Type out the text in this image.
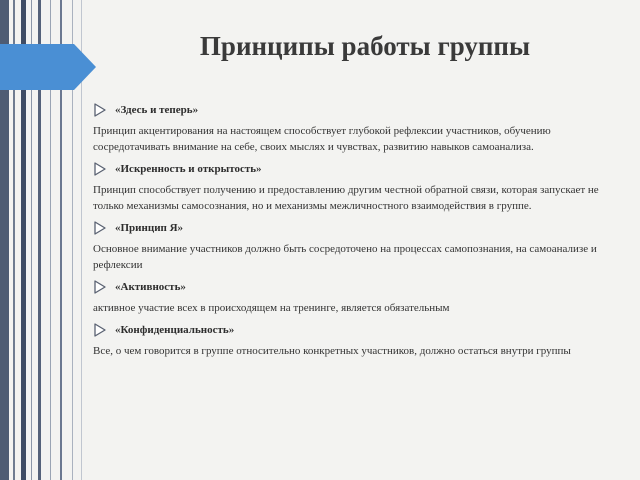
Принципы работы группы
«Здесь и теперь»

Принцип акцентирования на настоящем способствует глубокой рефлексии участников, обучению сосредотачивать внимание на себе, своих мыслях и чувствах, развитию навыков самоанализа.

«Искренность и открытость»

Принцип способствует получению и предоставлению другим честной обратной связи, которая запускает не только механизмы самосознания, но и механизмы межличностного взаимодействия в группе.

«Принцип Я»

Основное внимание участников должно быть сосредоточено на процессах самопознания, на самоанализе и рефлексии

«Активность»

активное участие всех в происходящем на тренинге, является обязательным

«Конфиденциальность»

Все, о чем говорится в группе относительно конкретных участников, должно остаться внутри группы
